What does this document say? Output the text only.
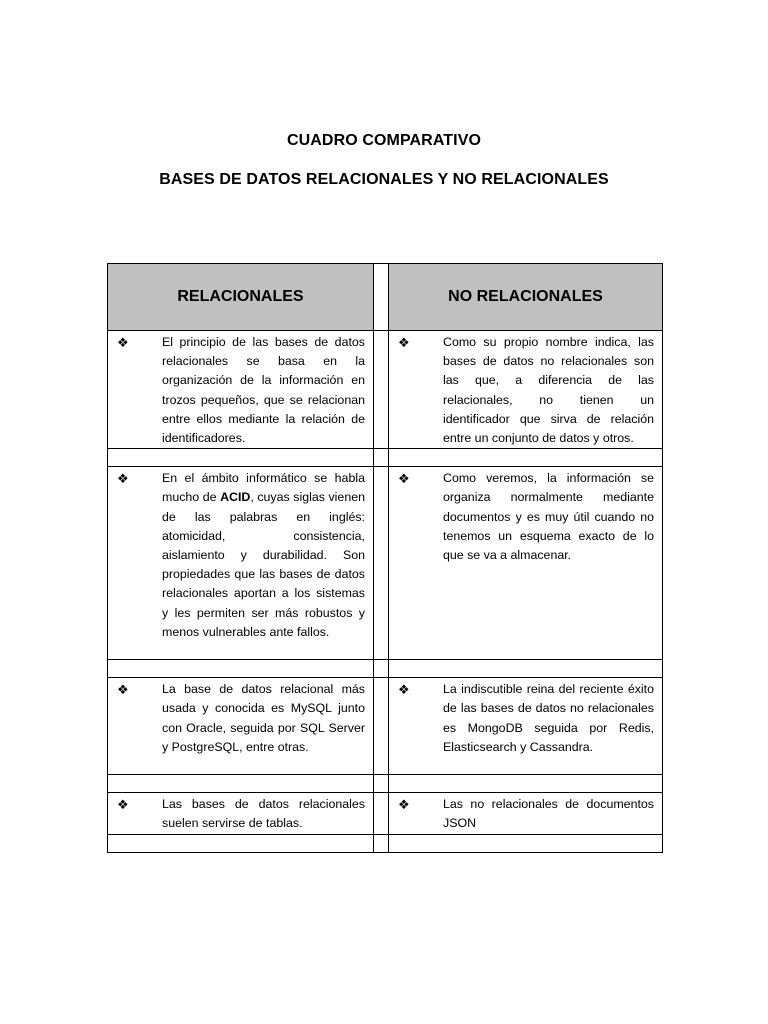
CUADRO COMPARATIVO
BASES DE DATOS RELACIONALES Y NO RELACIONALES
RELACIONALES		NO RELACIONALES

❖ El principio de las bases de datos relacionales se basa en la organización de la información en trozos pequeños, que se relacionan entre ellos mediante la relación de identificadores.		❖ Como su propio nombre indica, las bases de datos no relacionales son las que, a diferencia de las relacionales, no tienen un identificador que sirva de relación entre un conjunto de datos y otros.

❖ En el ámbito informático se habla mucho de ACID, cuyas siglas vienen de las palabras en inglés: atomicidad, consistencia, aislamiento y durabilidad. Son propiedades que las bases de datos relacionales aportan a los sistemas y les permiten ser más robustos y menos vulnerables ante fallos.		❖ Como veremos, la información se organiza normalmente mediante documentos y es muy útil cuando no tenemos un esquema exacto de lo que se va a almacenar.

❖ La base de datos relacional más usada y conocida es MySQL junto con Oracle, seguida por SQL Server y PostgreSQL, entre otras.		❖ La indiscutible reina del reciente éxito de las bases de datos no relacionales es MongoDB seguida por Redis, Elasticsearch y Cassandra.

❖ Las bases de datos relacionales suelen servirse de tablas.		❖ Las no relacionales de documentos JSON
